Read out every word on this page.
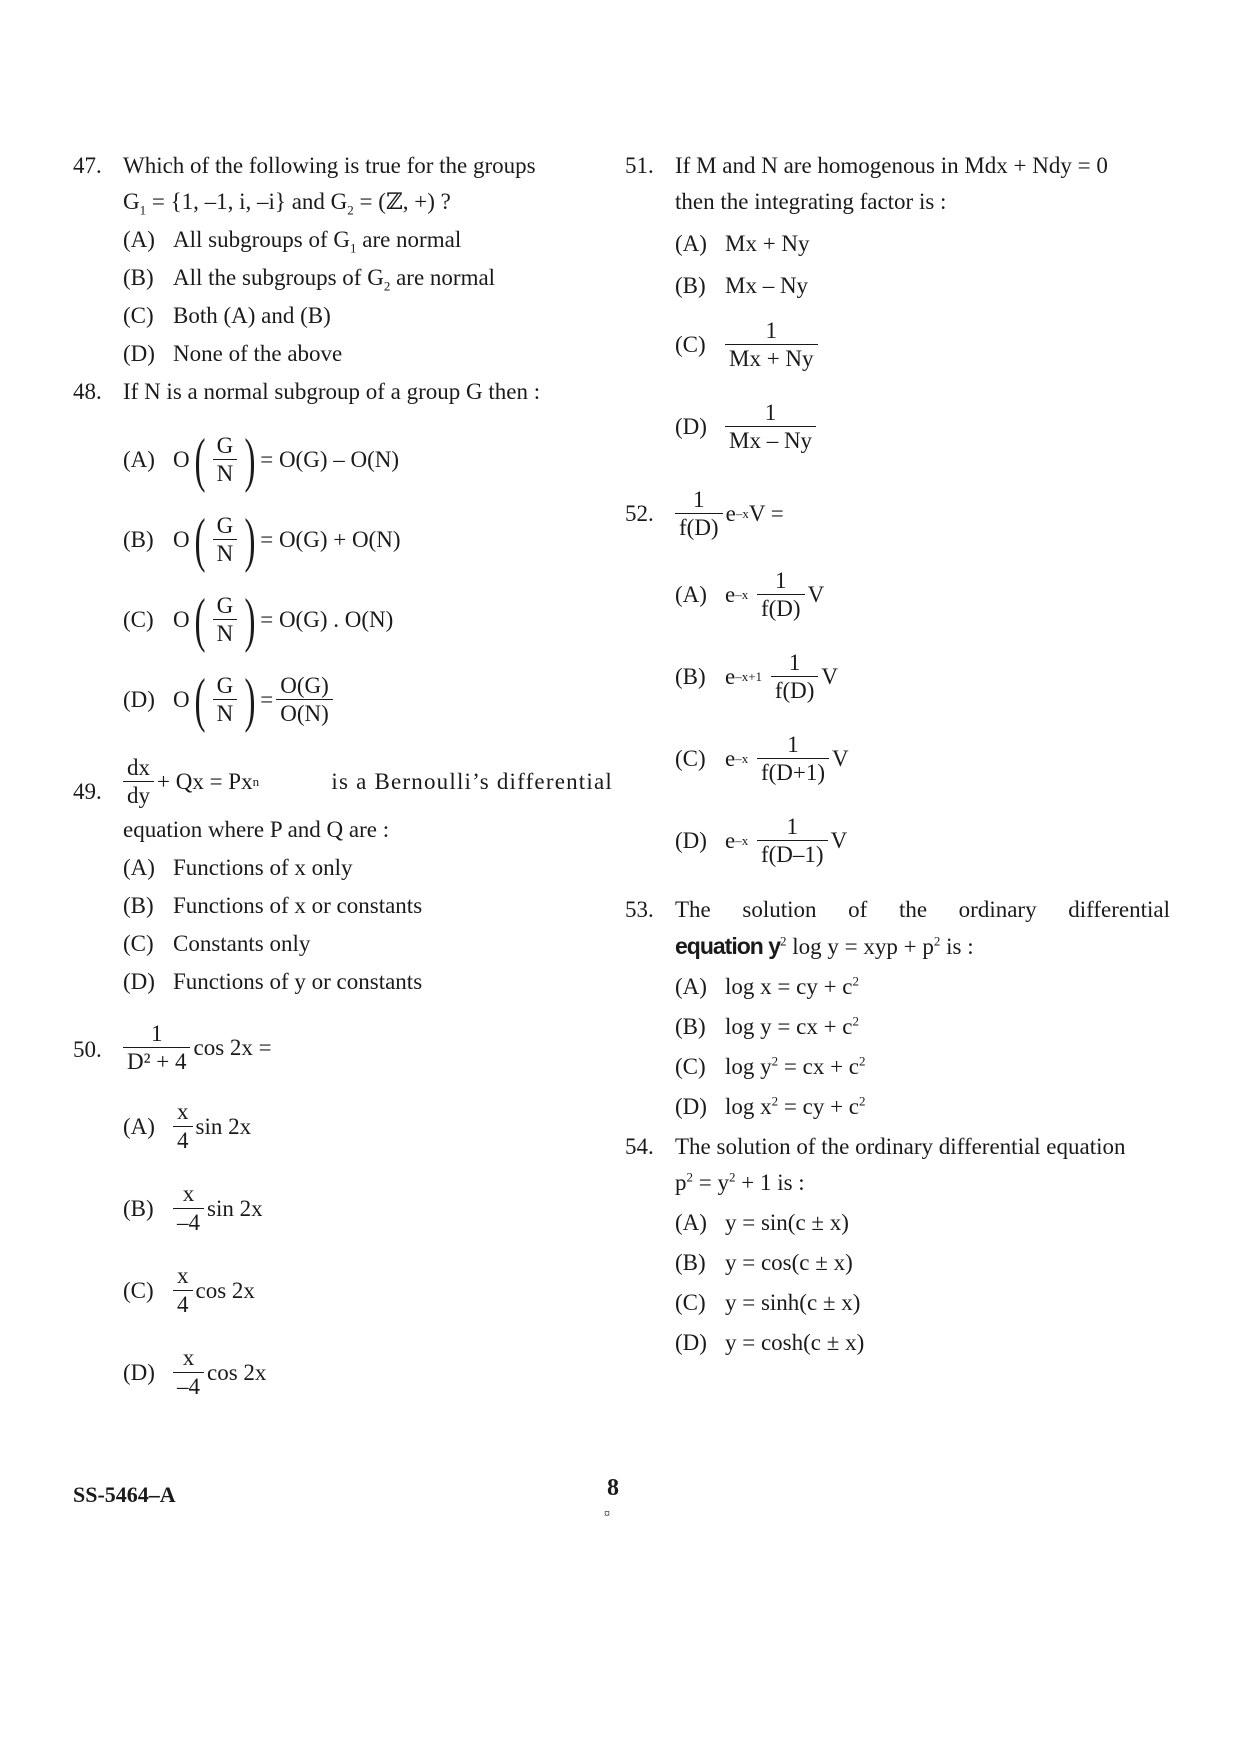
47. Which of the following is true for the groups
$G_1 = \{1$, –1, i, –i} and $G_2$ = (ℤ, +) ?
(A) All subgroups of $G_1$ are normal
(B) All the subgroups of $G_2$ are normal
(C) Both (A) and (B)
(D) None of the above
48. If N is a normal subgroup of a group G then :
(A) O ( $\frac{G}{N}$ ) = O(G) – O(N)
(B) O ( $\frac{G}{N}$ ) = O(G) + O(N)
(C) O ( $\frac{G}{N}$ ) = O(G) . O(N)
(D) O ( $\frac{G}{N}$ ) = $\frac{O(G)}{O(N)}$
49. $\frac{dx}{dy} + Qx = Px$ n	is a Bernoulli’s differential
equation where P and Q are :
(A) Functions of x only
(B) Functions of x or constants
(C) Constants only
(D) Functions of y or constants
50. $\frac{1}{\text{D² + 4}}$ cos 2x =
$(A) \frac{x}{4}$ sin 2x
$(B) \frac{x}{-4}$ sin 2x
$(C) \frac{x}{4}$ cos 2x
$(D) \frac{x}{-4}$ cos 2x
51. If M and N are homogenous in Mdx + Ndy = 0
then the integrating factor is :
(A) Mx + Ny
(B) Mx – Ny
$(C) \frac{1}{Mx + Ny}$
$(D) \frac{1}{Mx - Ny}$
52. $\frac{1}{f(D)}$ e –x V =
(A) e –x
$\frac{1}{f(D)}$ V
(B) e –x+1
$\frac{1}{f(D)}$ V
(C) e –x
$\frac{1}{f(D+1)}$ V
(D) e –x
$\frac{1}{f(D-1)}$ V
53. The solution of the ordinary differential
equation $y^2$ log y = xyp + $p^2$ is :
(A) log x = cy + $c^2$
(B) log y = cx + $c^2$
(C) $\log y^2$ = cx + $c^2$
(D) $\log x^2$ = cy + $c^2$
54. The solution of the ordinary differential equation
$p^2 = y^2 + 1$ is :
(A) y = sin(c ± x)
(B) y = cos(c ± x)
(C) y = sinh(c ± x)
(D) y = cosh(c ± x)
SS-5464–A	8
¤
